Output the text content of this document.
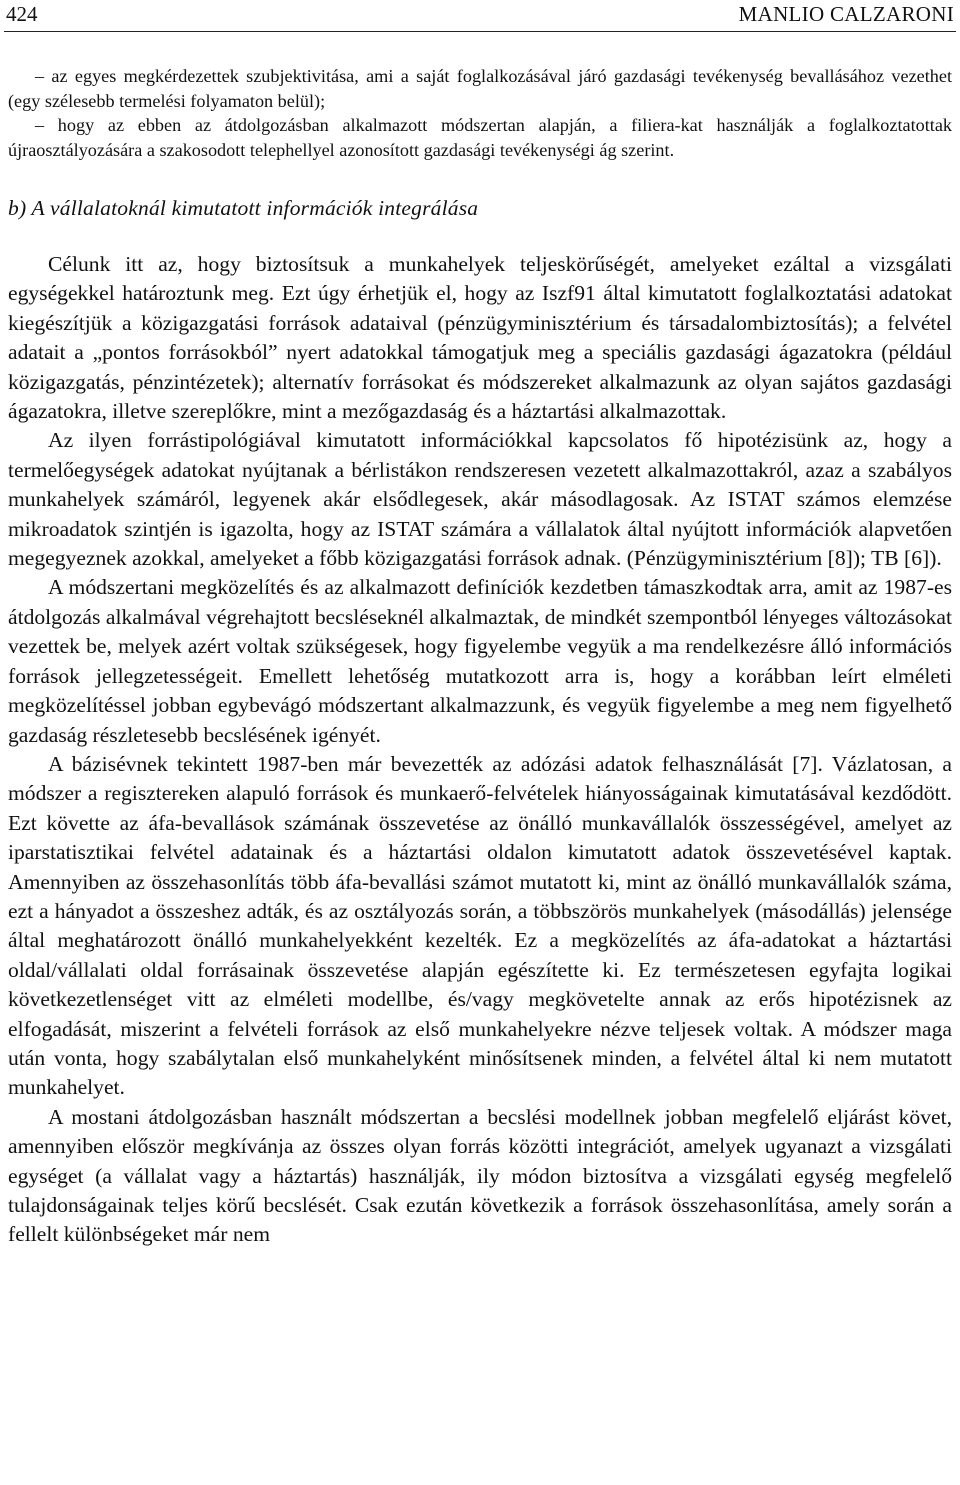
424	MANLIO CALZARONI

– az egyes megkérdezettek szubjektivitása, ami a saját foglalkozásával járó gazdasági tevékenység bevallásához vezethet (egy szélesebb termelési folyamaton belül);

– hogy az ebben az átdolgozásban alkalmazott módszertan alapján, a filiera-kat használják a foglalkoztatottak újraosztályozására a szakosodott telephellyel azonosított gazdasági tevékenységi ág szerint.

b) A vállalatoknál kimutatott információk integrálása

Célunk itt az, hogy biztosítsuk a munkahelyek teljeskörűségét, amelyeket ezáltal a vizsgálati egységekkel határoztunk meg. Ezt úgy érhetjük el, hogy az Iszf91 által kimutatott foglalkoztatási adatokat kiegészítjük a közigazgatási források adataival (pénzügyminisztérium és társadalombiztosítás); a felvétel adatait a „pontos forrásokból” nyert adatokkal támogatjuk meg a speciális gazdasági ágazatokra (például közigazgatás, pénzintézetek); alternatív forrásokat és módszereket alkalmazunk az olyan sajátos gazdasági ágazatokra, illetve szereplőkre, mint a mezőgazdaság és a háztartási alkalmazottak.

Az ilyen forrástipológiával kimutatott információkkal kapcsolatos fő hipotézisünk az, hogy a termelőegységek adatokat nyújtanak a bérlistákon rendszeresen vezetett alkalmazottakról, azaz a szabályos munkahelyek számáról, legyenek akár elsődlegesek, akár másodlagosak. Az ISTAT számos elemzése mikroadatok szintjén is igazolta, hogy az ISTAT számára a vállalatok által nyújtott információk alapvetően megegyeznek azokkal, amelyeket a főbb közigazgatási források adnak. (Pénzügyminisztérium [8]); TB [6]).

A módszertani megközelítés és az alkalmazott definíciók kezdetben támaszkodtak arra, amit az 1987-es átdolgozás alkalmával végrehajtott becsléseknél alkalmaztak, de mindkét szempontból lényeges változásokat vezettek be, melyek azért voltak szükségesek, hogy figyelembe vegyük a ma rendelkezésre álló információs források jellegzetességeit. Emellett lehetőség mutatkozott arra is, hogy a korábban leírt elméleti megközelítéssel jobban egybevágó módszertant alkalmazzunk, és vegyük figyelembe a meg nem figyelhető gazdaság részletesebb becslésének igényét.

A bázisévnek tekintett 1987-ben már bevezették az adózási adatok felhasználását [7]. Vázlatosan, a módszer a regisztereken alapuló források és munkaerő-felvételek hiányosságainak kimutatásával kezdődött. Ezt követte az áfa-bevallások számának összevetése az önálló munkavállalók összességével, amelyet az iparstatisztikai felvétel adatainak és a háztartási oldalon kimutatott adatok összevetésével kaptak. Amennyiben az összehasonlítás több áfa-bevallási számot mutatott ki, mint az önálló munkavállalók száma, ezt a hányadot a összeshez adták, és az osztályozás során, a többszörös munkahelyek (másodállás) jelensége által meghatározott önálló munkahelyekként kezelték. Ez a megközelítés az áfa-adatokat a háztartási oldal/vállalati oldal forrásainak összevetése alapján egészítette ki. Ez természetesen egyfajta logikai következetlenséget vitt az elméleti modellbe, és/vagy megkövetelte annak az erős hipotézisnek az elfogadását, miszerint a felvételi források az első munkahelyekre nézve teljesek voltak. A módszer maga után vonta, hogy szabálytalan első munkahelyként minősítsenek minden, a felvétel által ki nem mutatott munkahelyet.

A mostani átdolgozásban használt módszertan a becslési modellnek jobban megfelelő eljárást követ, amennyiben először megkívánja az összes olyan forrás közötti integrációt, amelyek ugyanazt a vizsgálati egységet (a vállalat vagy a háztartás) használják, ily módon biztosítva a vizsgálati egység megfelelő tulajdonságainak teljes körű becslését. Csak ezután következik a források összehasonlítása, amely során a fellelt különbségeket már nem
